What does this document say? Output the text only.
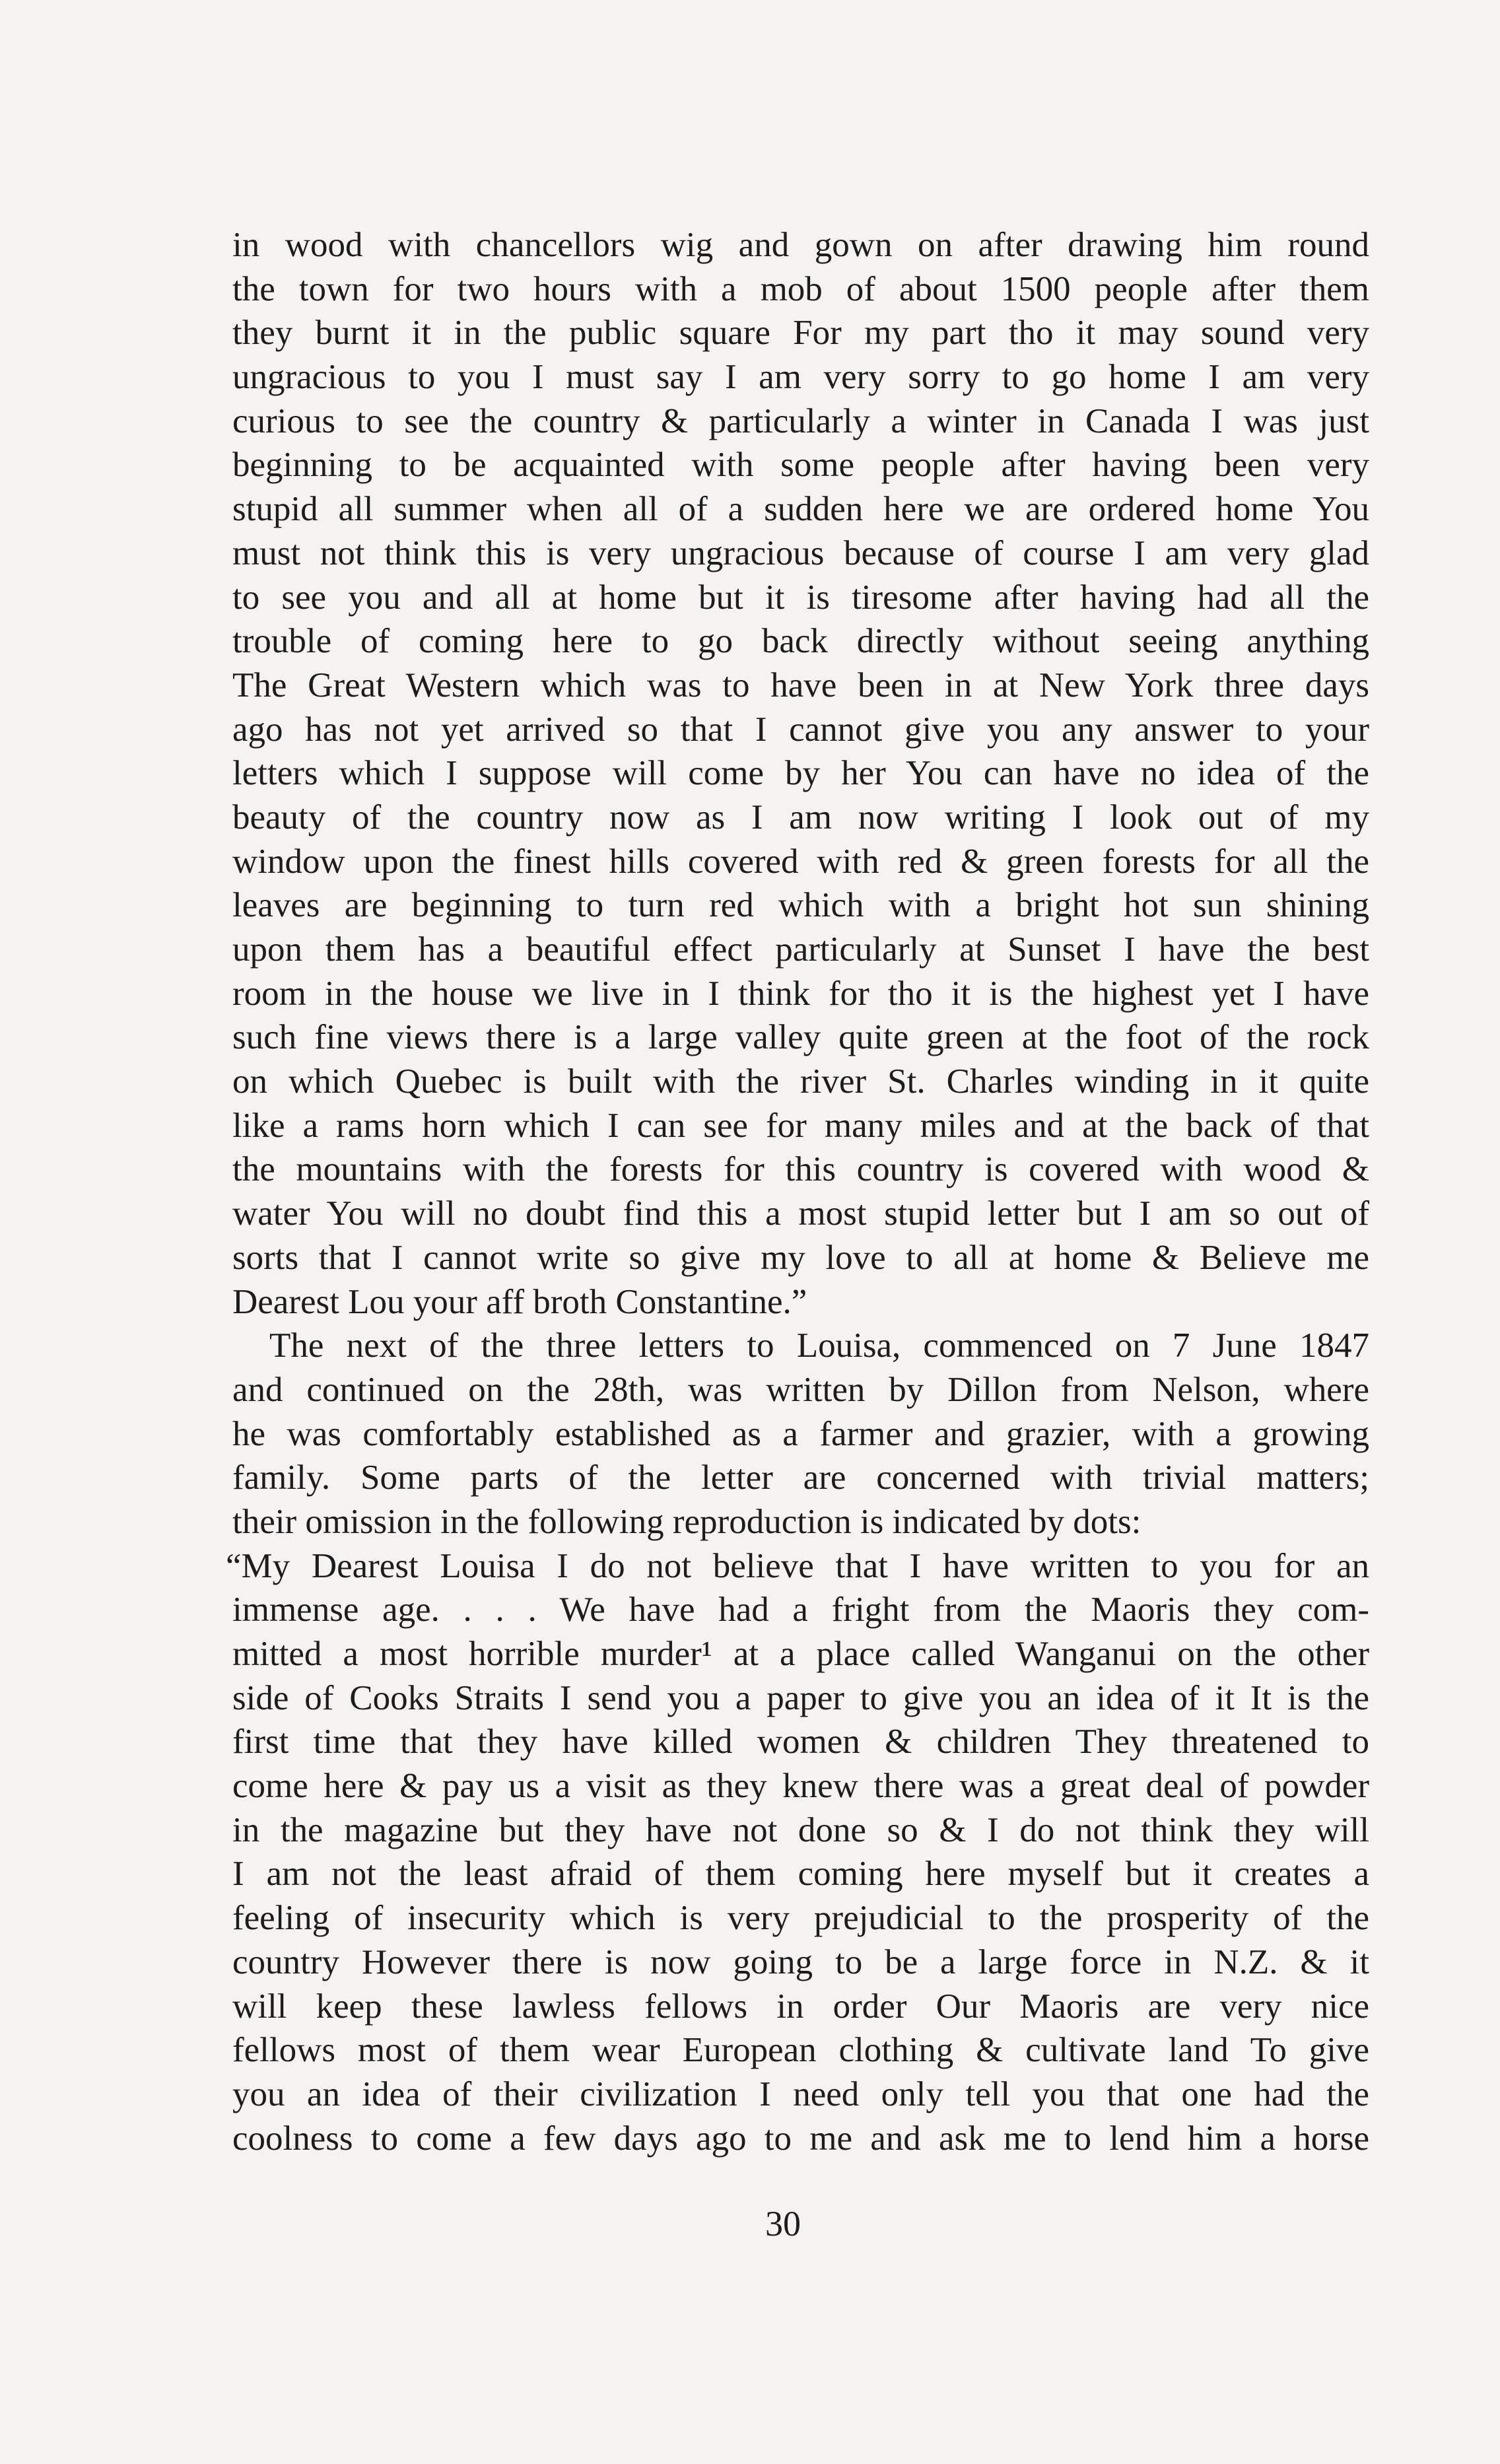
in wood with chancellors wig and gown on after drawing him round
the town for two hours with a mob of about 1500 people after them
they burnt it in the public square For my part tho it may sound very
ungracious to you I must say I am very sorry to go home I am very
curious to see the country & particularly a winter in Canada I was just
beginning to be acquainted with some people after having been very
stupid all summer when all of a sudden here we are ordered home You
must not think this is very ungracious because of course I am very glad
to see you and all at home but it is tiresome after having had all the
trouble of coming here to go back directly without seeing anything
The Great Western which was to have been in at New York three days
ago has not yet arrived so that I cannot give you any answer to your
letters which I suppose will come by her You can have no idea of the
beauty of the country now as I am now writing I look out of my
window upon the finest hills covered with red & green forests for all the
leaves are beginning to turn red which with a bright hot sun shining
upon them has a beautiful effect particularly at Sunset I have the best
room in the house we live in I think for tho it is the highest yet I have
such fine views there is a large valley quite green at the foot of the rock
on which Quebec is built with the river St. Charles winding in it quite
like a rams horn which I can see for many miles and at the back of that
the mountains with the forests for this country is covered with wood &
water You will no doubt find this a most stupid letter but I am so out of
sorts that I cannot write so give my love to all at home & Believe me
Dearest Lou your aff broth Constantine.”
The next of the three letters to Louisa, commenced on 7 June 1847
and continued on the 28th, was written by Dillon from Nelson, where
he was comfortably established as a farmer and grazier, with a growing
family. Some parts of the letter are concerned with trivial matters;
their omission in the following reproduction is indicated by dots:
“My Dearest Louisa I do not believe that I have written to you for an
immense age. . . . We have had a fright from the Maoris they com-
mitted a most horrible murder¹ at a place called Wanganui on the other
side of Cooks Straits I send you a paper to give you an idea of it It is the
first time that they have killed women & children They threatened to
come here & pay us a visit as they knew there was a great deal of powder
in the magazine but they have not done so & I do not think they will
I am not the least afraid of them coming here myself but it creates a
feeling of insecurity which is very prejudicial to the prosperity of the
country However there is now going to be a large force in N.Z. & it
will keep these lawless fellows in order Our Maoris are very nice
fellows most of them wear European clothing & cultivate land To give
you an idea of their civilization I need only tell you that one had the
coolness to come a few days ago to me and ask me to lend him a horse
30
